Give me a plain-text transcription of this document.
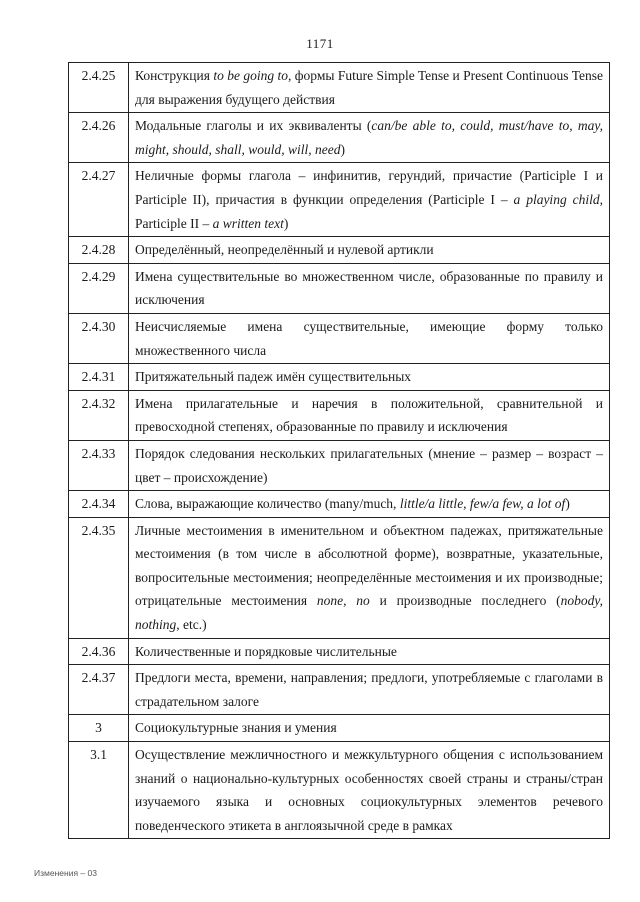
1171
2.4.25	Конструкция to be going to, формы Future Simple Tense и Present Continuous Tense для выражения будущего действия
2.4.26	Модальные глаголы и их эквиваленты (can/be able to, could, must/have to, may, might, should, shall, would, will, need)
2.4.27	Неличные формы глагола – инфинитив, герундий, причастие (Participle I и Participle II), причастия в функции определения (Participle I – a playing child, Participle II – a written text)
2.4.28	Определённый, неопределённый и нулевой артикли
2.4.29	Имена существительные во множественном числе, образованные по правилу и исключения
2.4.30	Неисчисляемые имена существительные, имеющие форму только множественного числа
2.4.31	Притяжательный падеж имён существительных
2.4.32	Имена прилагательные и наречия в положительной, сравнительной и превосходной степенях, образованные по правилу и исключения
2.4.33	Порядок следования нескольких прилагательных (мнение – размер – возраст – цвет – происхождение)
2.4.34	Слова, выражающие количество (many/much, little/a little, few/a few, a lot of)
2.4.35	Личные местоимения в именительном и объектном падежах, притяжательные местоимения (в том числе в абсолютной форме), возвратные, указательные, вопросительные местоимения; неопределённые местоимения и их производные; отрицательные местоимения none, no и производные последнего (nobody, nothing, etc.)
2.4.36	Количественные и порядковые числительные
2.4.37	Предлоги места, времени, направления; предлоги, употребляемые с глаголами в страдательном залоге
3	Социокультурные знания и умения
3.1	Осуществление межличностного и межкультурного общения с использованием знаний о национально-культурных особенностях своей страны и страны/стран изучаемого языка и основных социокультурных элементов речевого поведенческого этикета в англоязычной среде в рамках
Изменения – 03
